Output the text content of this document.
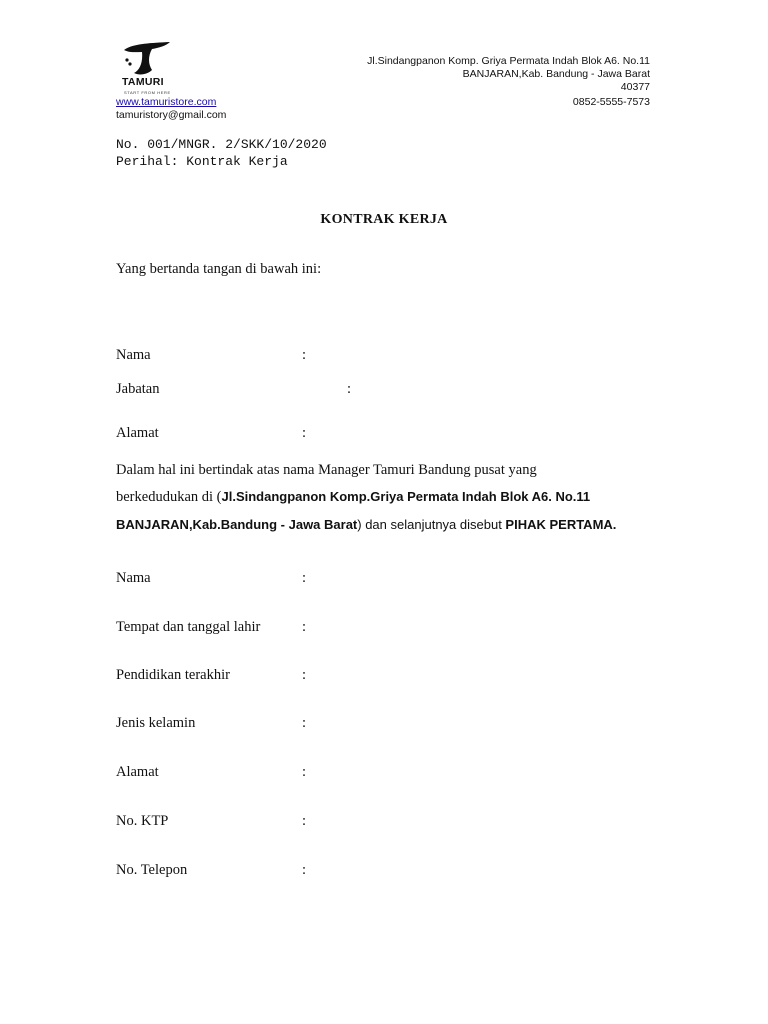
TAMURI
START FROM HERE
www.tamuristore.com
tamuristory@gmail.com
Jl.Sindangpanon Komp. Griya Permata Indah Blok A6. No.11
BANJARAN,Kab. Bandung - Jawa Barat
40377
0852-5555-7573
No. 001/MNGR. 2/SKK/10/2020
Perihal: Kontrak Kerja
KONTRAK KERJA
Yang bertanda tangan di bawah ini:
Nama	:
Jabatan	:
Alamat	:
Dalam hal ini bertindak atas nama Manager Tamuri Bandung pusat yang
berkedudukan di (Jl.Sindangpanon Komp.Griya Permata Indah Blok A6. No.11
BANJARAN,Kab.Bandung - Jawa Barat) dan selanjutnya disebut PIHAK PERTAMA.
Nama	:
Tempat dan tanggal lahir	:
Pendidikan terakhir	:
Jenis kelamin	:
Alamat	:
No. KTP	:
No. Telepon	:
